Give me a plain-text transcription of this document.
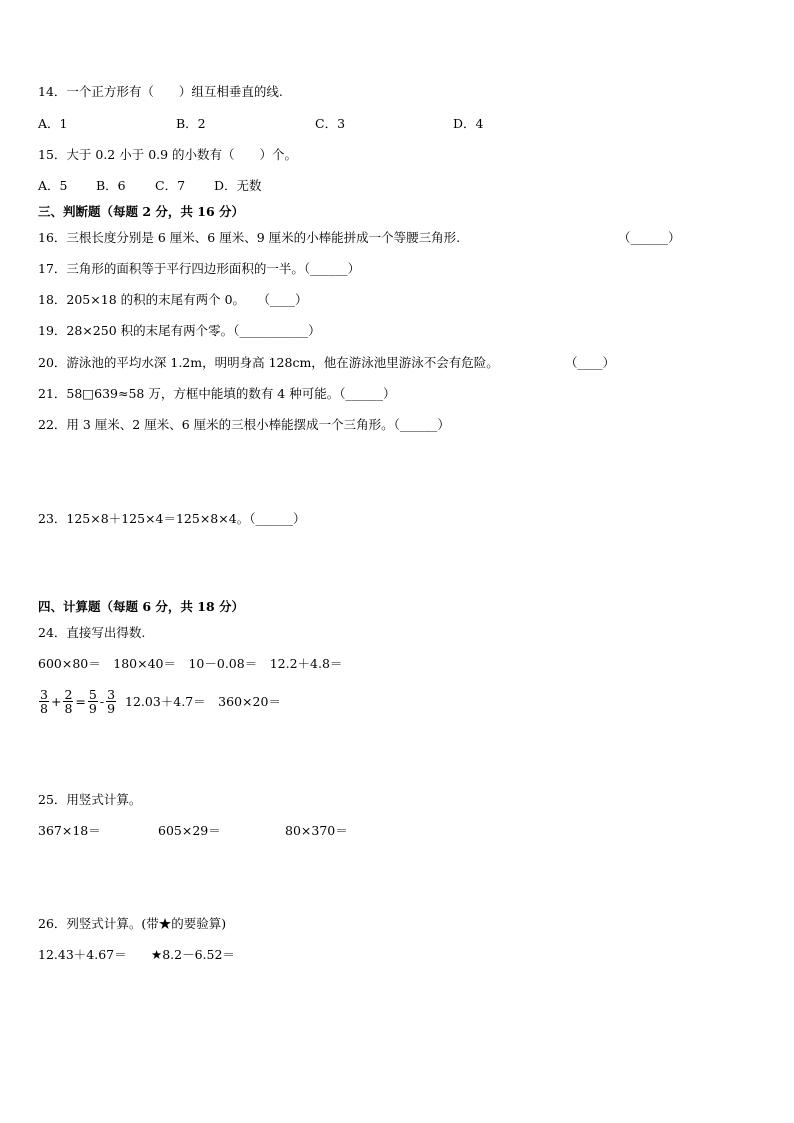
14．一个正方形有（　　）组互相垂直的线.
A．1	B．2	C．3	D．4
15．大于 0.2 小于 0.9 的小数有（　　）个。
A．5 B．6 C．7 D．无数
三、判断题（每题 2 分，共 16 分）
16．三根长度分别是 6 厘米、6 厘米、9 厘米的小棒能拼成一个等腰三角形.	（______）
17．三角形的面积等于平行四边形面积的一半。（______）
18．205×18 的积的末尾有两个 0。　　（____）
19．28×250 积的末尾有两个零。（___________）
20．游泳池的平均水深 1.2m，明明身高 128cm，他在游泳池里游泳不会有危险。	（____）
21．58□639≈58 万，方框中能填的数有 4 种可能。（______）
22．用 3 厘米、2 厘米、6 厘米的三根小棒能摆成一个三角形。（______）
23．125×8＋125×4＝125×8×4。（______）
四、计算题（每题 6 分，共 18 分）
24．直接写出得数.
600×80＝　180×40＝　10－0.08＝　12.2＋4.8＝
$\frac{3}{8} + \frac{2}{8} = \frac{5}{9} - \frac{3}{9} 12.03+4.7=$　360×20＝
25．用竖式计算。
367×18＝	605×29＝	80×370＝
26．列竖式计算。(带★的要验算)
12.43＋4.67＝ ★8.2－6.52＝
